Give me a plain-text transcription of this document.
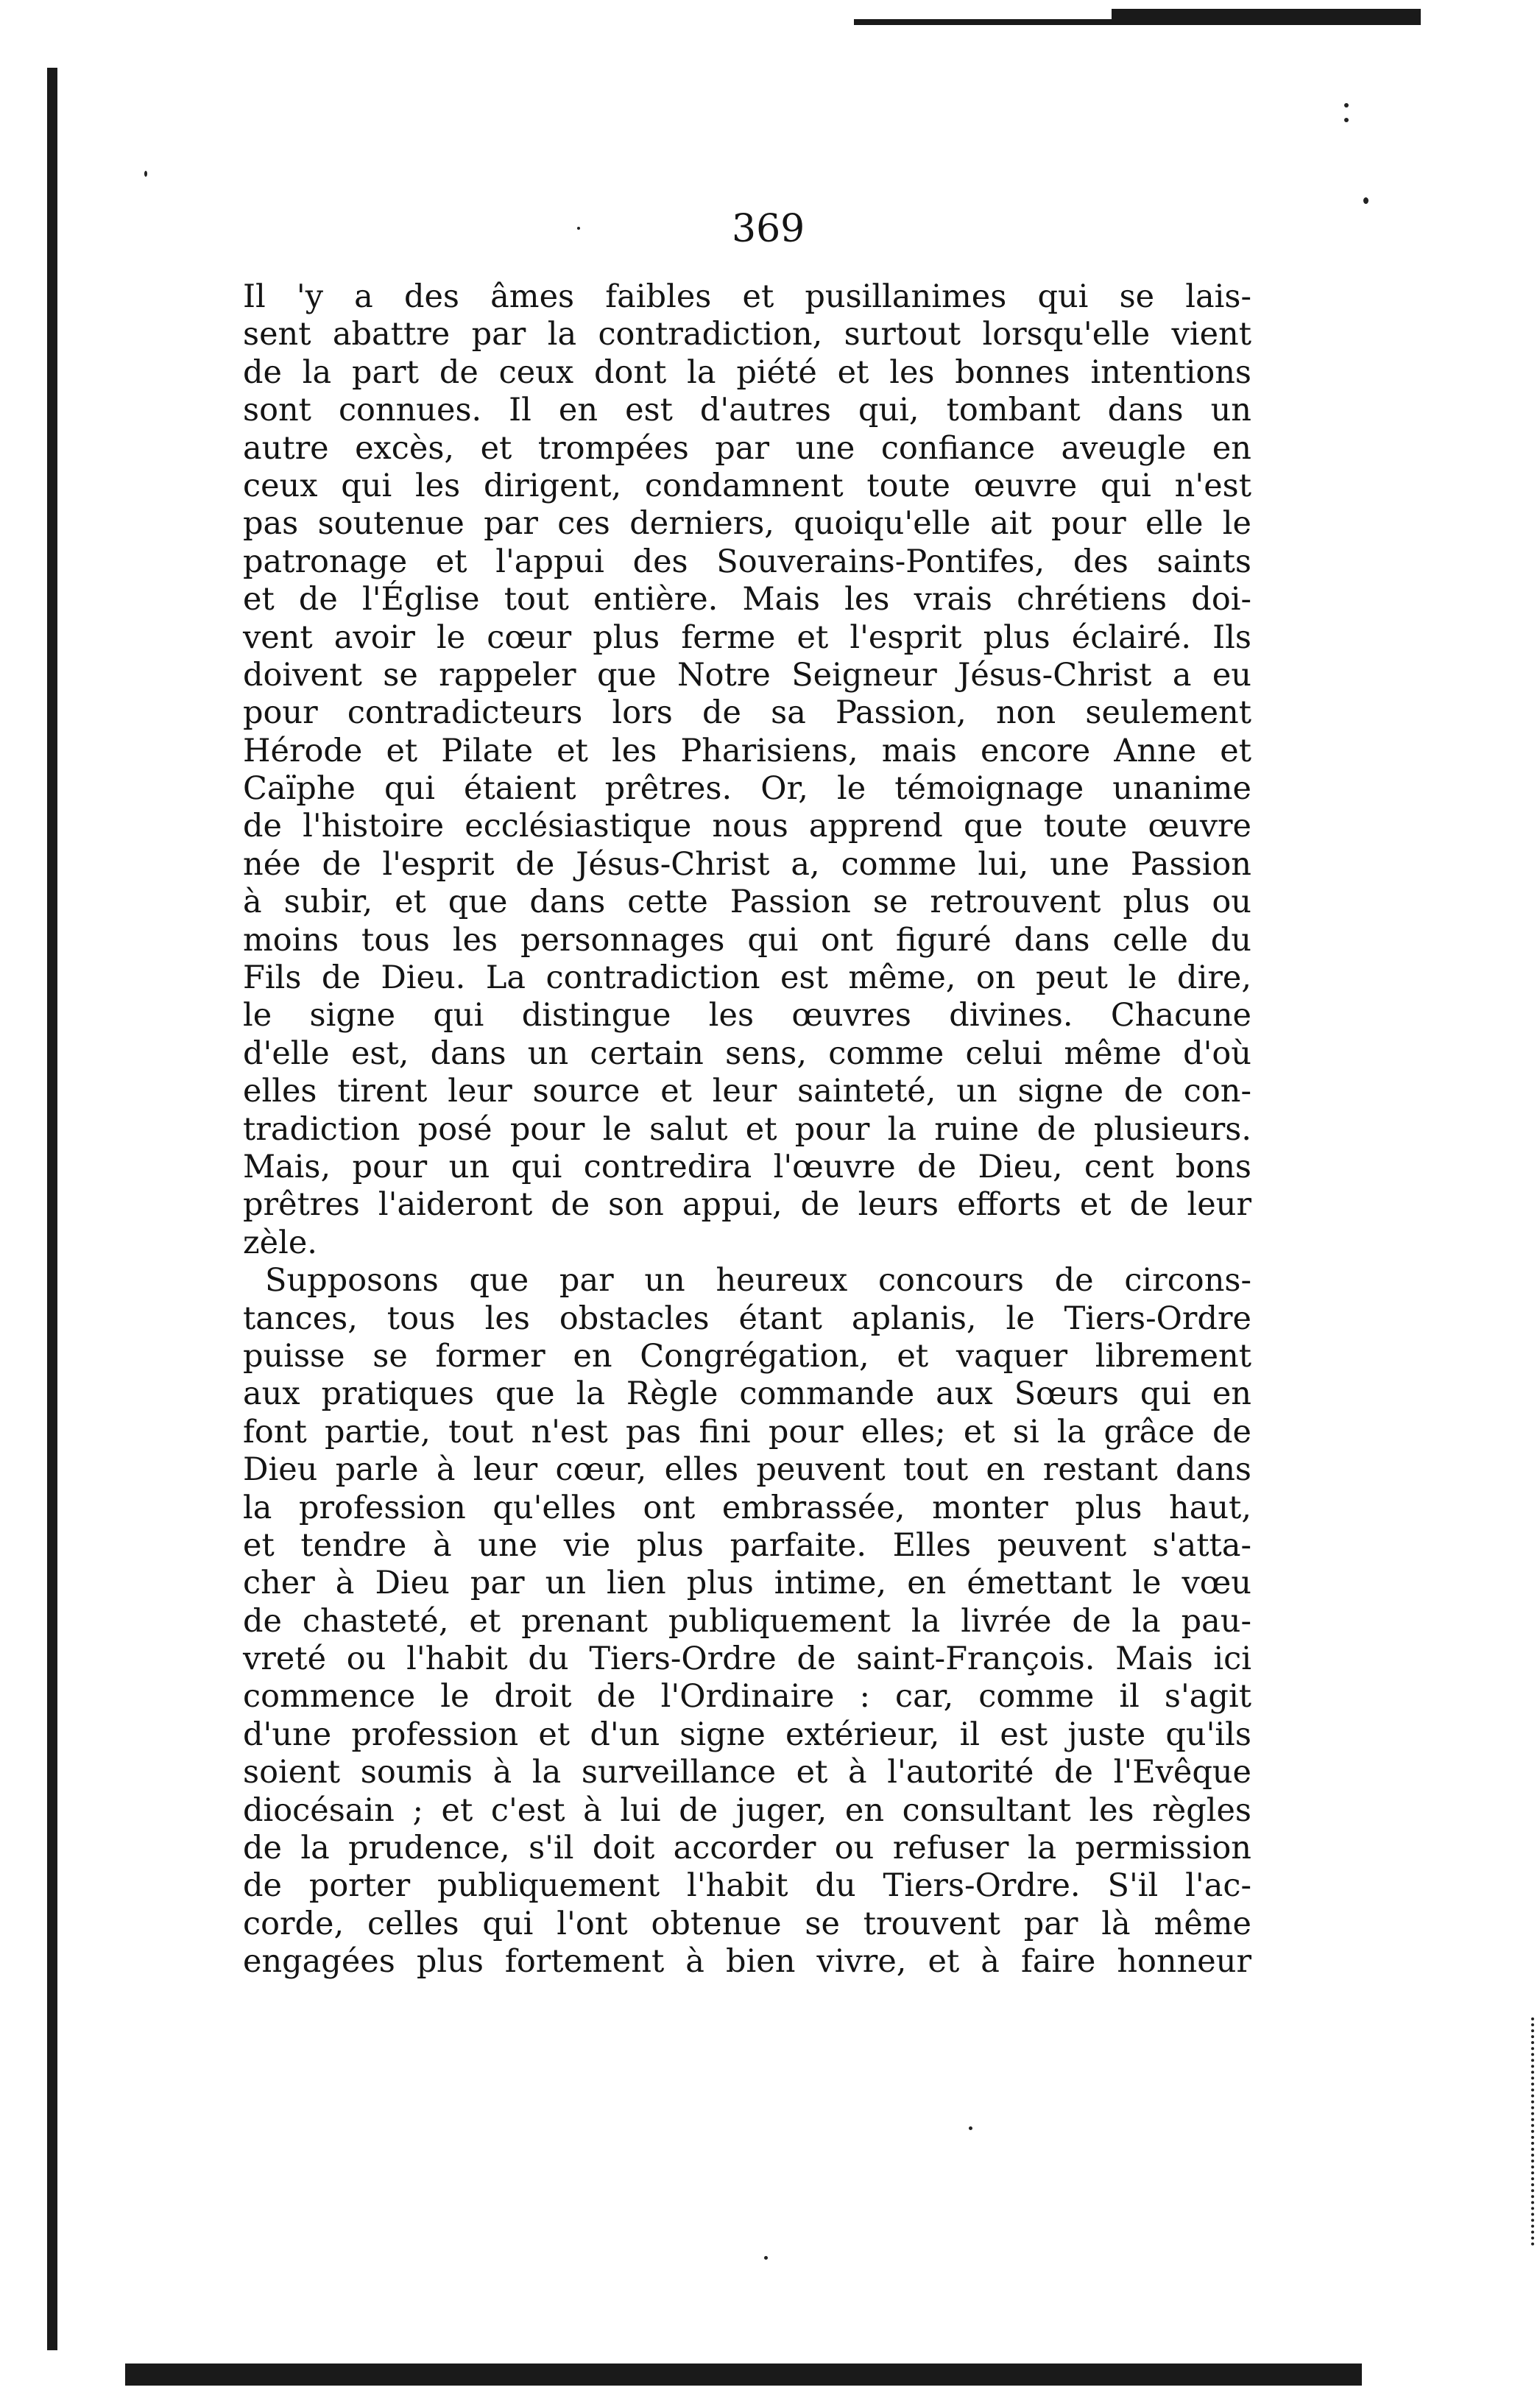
369
Il 'y a des âmes faibles et pusillanimes qui se lais-
sent abattre par la contradiction, surtout lorsqu'elle vient
de la part de ceux dont la piété et les bonnes intentions
sont connues. Il en est d'autres qui, tombant dans un
autre excès, et trompées par une confiance aveugle en
ceux qui les dirigent, condamnent toute œuvre qui n'est
pas soutenue par ces derniers, quoiqu'elle ait pour elle le
patronage et l'appui des Souverains-Pontifes, des saints
et de l'Église tout entière. Mais les vrais chrétiens doi-
vent avoir le cœur plus ferme et l'esprit plus éclairé. Ils
doivent se rappeler que Notre Seigneur Jésus-Christ a eu
pour contradicteurs lors de sa Passion, non seulement
Hérode et Pilate et les Pharisiens, mais encore Anne et
Caïphe qui étaient prêtres. Or, le témoignage unanime
de l'histoire ecclésiastique nous apprend que toute œuvre
née de l'esprit de Jésus-Christ a, comme lui, une Passion
à subir, et que dans cette Passion se retrouvent plus ou
moins tous les personnages qui ont figuré dans celle du
Fils de Dieu. La contradiction est même, on peut le dire,
le signe qui distingue les œuvres divines. Chacune
d'elle est, dans un certain sens, comme celui même d'où
elles tirent leur source et leur sainteté, un signe de con-
tradiction posé pour le salut et pour la ruine de plusieurs.
Mais, pour un qui contredira l'œuvre de Dieu, cent bons
prêtres l'aideront de son appui, de leurs efforts et de leur
zèle.
Supposons que par un heureux concours de circons-
tances, tous les obstacles étant aplanis, le Tiers-Ordre
puisse se former en Congrégation, et vaquer librement
aux pratiques que la Règle commande aux Sœurs qui en
font partie, tout n'est pas fini pour elles; et si la grâce de
Dieu parle à leur cœur, elles peuvent tout en restant dans
la profession qu'elles ont embrassée, monter plus haut,
et tendre à une vie plus parfaite. Elles peuvent s'atta-
cher à Dieu par un lien plus intime, en émettant le vœu
de chasteté, et prenant publiquement la livrée de la pau-
vreté ou l'habit du Tiers-Ordre de saint-François. Mais ici
commence le droit de l'Ordinaire : car, comme il s'agit
d'une profession et d'un signe extérieur, il est juste qu'ils
soient soumis à la surveillance et à l'autorité de l'Evêque
diocésain ; et c'est à lui de juger, en consultant les règles
de la prudence, s'il doit accorder ou refuser la permission
de porter publiquement l'habit du Tiers-Ordre. S'il l'ac-
corde, celles qui l'ont obtenue se trouvent par là même
engagées plus fortement à bien vivre, et à faire honneur
